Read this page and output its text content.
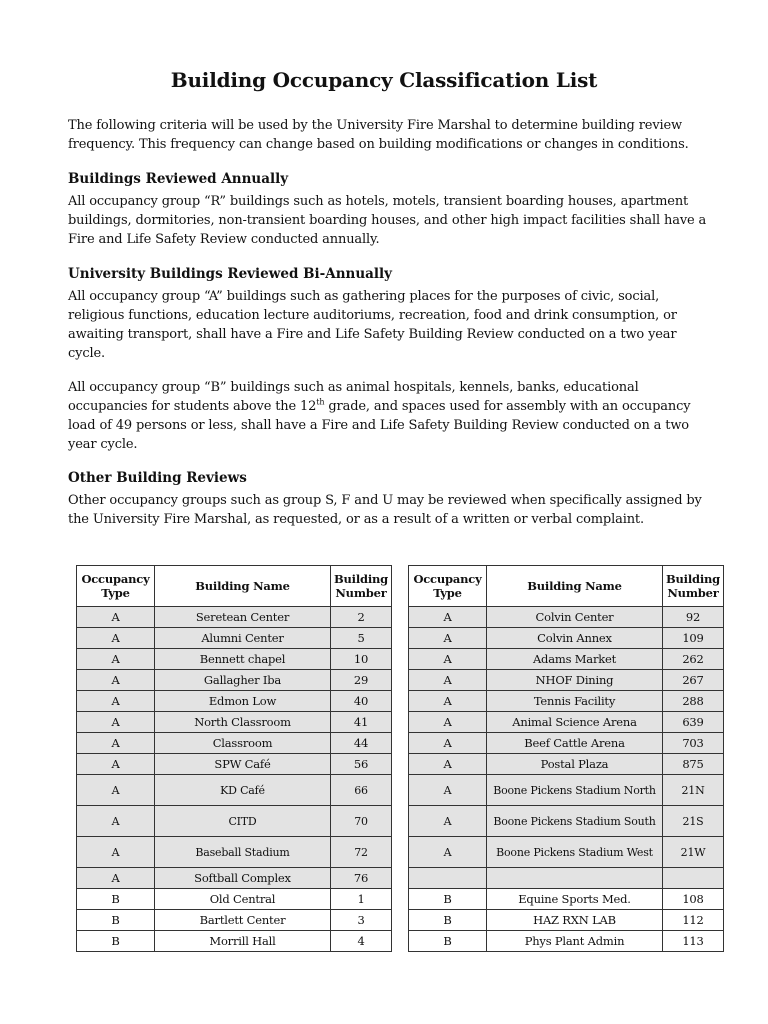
Building Occupancy Classification List

The following criteria will be used by the University Fire Marshal to determine building review frequency. This frequency can change based on building modifications or changes in conditions.

Buildings Reviewed Annually

All occupancy group “R” buildings such as hotels, motels, transient boarding houses, apartment buildings, dormitories, non-transient boarding houses, and other high impact facilities shall have a Fire and Life Safety Review conducted annually.

University Buildings Reviewed Bi-Annually

All occupancy group “A” buildings such as gathering places for the purposes of civic, social, religious functions, education lecture auditoriums, recreation, food and drink consumption, or awaiting transport, shall have a Fire and Life Safety Building Review conducted on a two year cycle.

All occupancy group “B” buildings such as animal hospitals, kennels, banks, educational occupancies for students above the 12th grade, and spaces used for assembly with an occupancy load of 49 persons or less, shall have a Fire and Life Safety Building Review conducted on a two year cycle.

Other Building Reviews

Other occupancy groups such as group S, F and U may be reviewed when specifically assigned by the University Fire Marshal, as requested, or as a result of a written or verbal complaint.

Occupancy Type	Building Name	Building Number
A	Seretean Center	2
A	Alumni Center	5
A	Bennett chapel	10
A	Gallagher Iba	29
A	Edmon Low	40
A	North Classroom	41
A	Classroom	44
A	SPW Café	56
A	KD Café	66
A	CITD	70
A	Baseball Stadium	72
A	Softball Complex	76
B	Old Central	1
B	Bartlett Center	3
B	Morrill Hall	4
Occupancy Type	Building Name	Building Number
A	Colvin Center	92
A	Colvin Annex	109
A	Adams Market	262
A	NHOF Dining	267
A	Tennis Facility	288
A	Animal Science Arena	639
A	Beef Cattle Arena	703
A	Postal Plaza	875
A	Boone Pickens Stadium North	21N
A	Boone Pickens Stadium South	21S
A	Boone Pickens Stadium West	21W

B	Equine Sports Med.	108
B	HAZ RXN LAB	112
B	Phys Plant Admin	113
